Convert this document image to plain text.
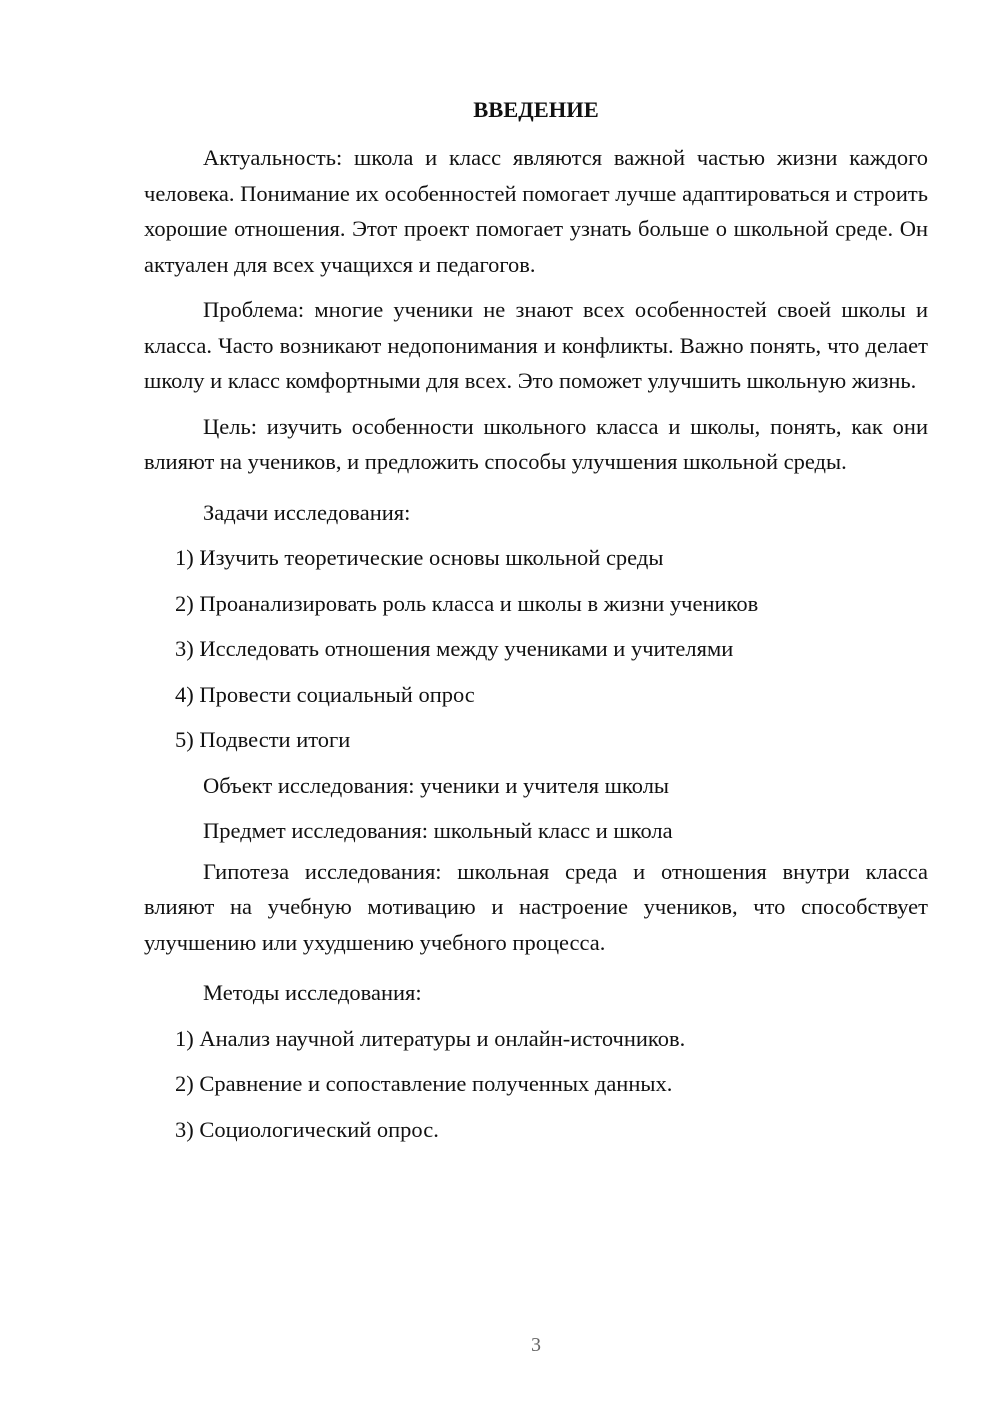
ВВЕДЕНИЕ

Актуальность: школа и класс являются важной частью жизни каждого человека. Понимание их особенностей помогает лучше адаптироваться и строить хорошие отношения. Этот проект помогает узнать больше о школьной среде. Он актуален для всех учащихся и педагогов.

Проблема: многие ученики не знают всех особенностей своей школы и класса. Часто возникают недопонимания и конфликты. Важно понять, что делает школу и класс комфортными для всех. Это поможет улучшить школьную жизнь.

Цель: изучить особенности школьного класса и школы, понять, как они влияют на учеников, и предложить способы улучшения школьной среды.

Задачи исследования:

1) Изучить теоретические основы школьной среды

2) Проанализировать роль класса и школы в жизни учеников

3) Исследовать отношения между учениками и учителями

4) Провести социальный опрос

5) Подвести итоги

Объект исследования: ученики и учителя школы

Предмет исследования: школьный класс и школа

Гипотеза исследования: школьная среда и отношения внутри класса влияют на учебную мотивацию и настроение учеников, что способствует улучшению или ухудшению учебного процесса.

Методы исследования:

1) Анализ научной литературы и онлайн-источников.

2) Сравнение и сопоставление полученных данных.

3) Социологический опрос.

3
